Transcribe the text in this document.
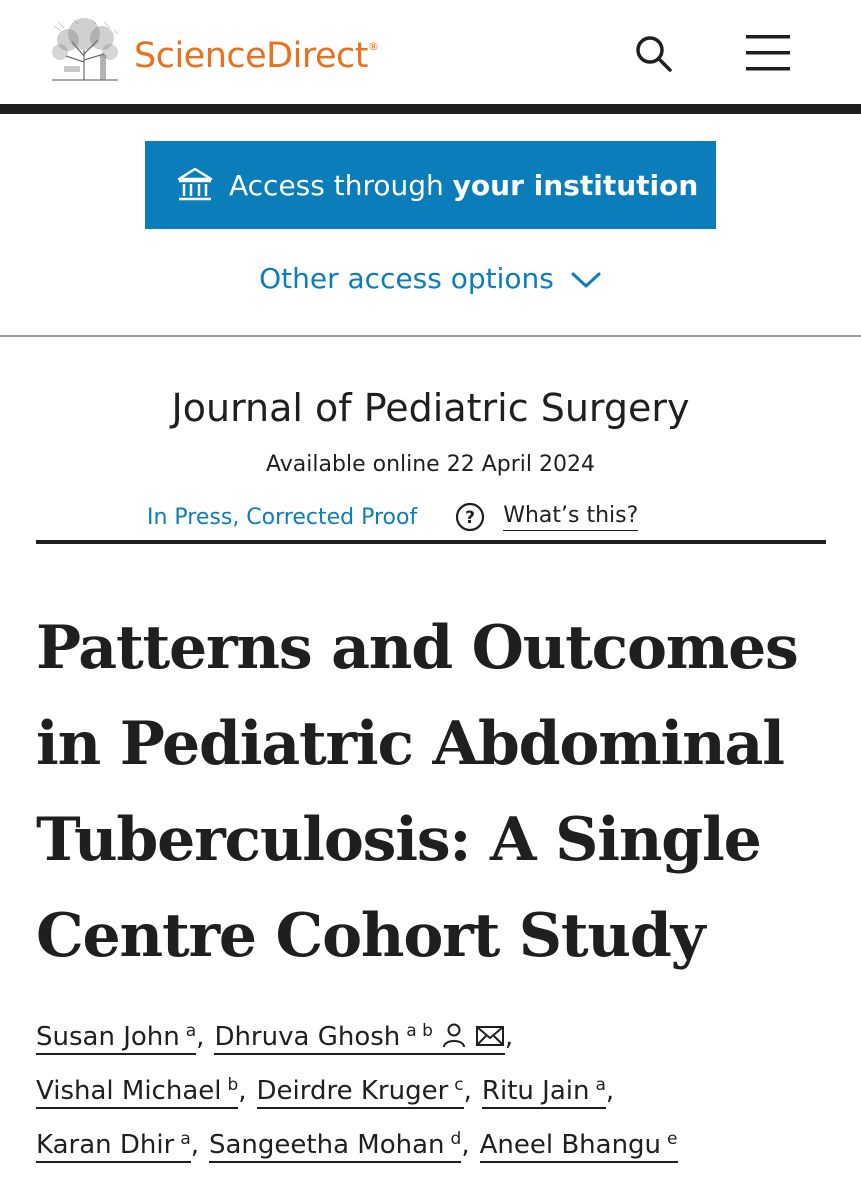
ScienceDirect®
Access through your institution
Other access options
Journal of Pediatric Surgery
Available online 22 April 2024
In Press, Corrected Proof	? What’s this?
Patterns and Outcomes
in Pediatric Abdominal
Tuberculosis: A Single
Centre Cohort Study
Susan John $^a$, Dhruva Ghosh $^{a b}$	,
Vishal Michael $^b$, Deirdre Kruger $^c$, Ritu Jain $^a$,
Karan Dhir $^a$, Sangeetha Mohan $^d$, Aneel Bhangu $^e$
